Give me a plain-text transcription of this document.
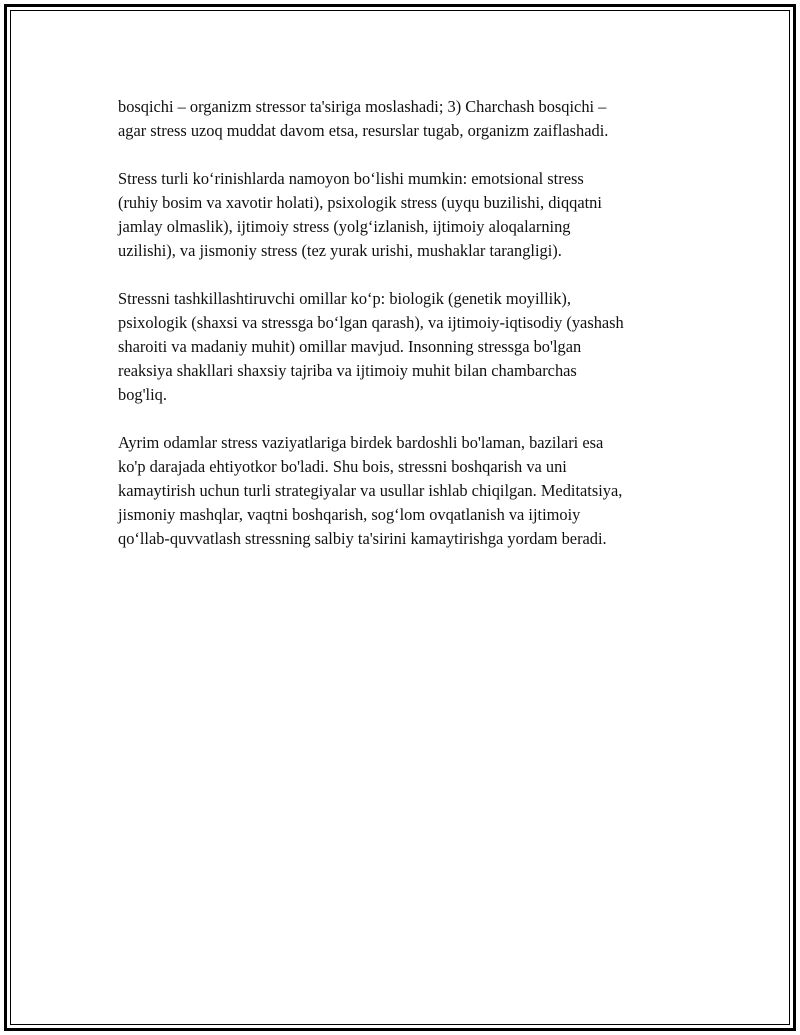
bosqichi – organizm stressor ta'siriga moslashadi; 3) Charchash bosqichi –
agar stress uzoq muddat davom etsa, resurslar tugab, organizm zaiflashadi.

Stress turli koʻrinishlarda namoyon boʻlishi mumkin: emotsional stress
(ruhiy bosim va xavotir holati), psixologik stress (uyqu buzilishi, diqqatni
jamlay olmaslik), ijtimoiy stress (yolgʻizlanish, ijtimoiy aloqalarning
uzilishi), va jismoniy stress (tez yurak urishi, mushaklar tarangligi).

Stressni tashkillashtiruvchi omillar koʻp: biologik (genetik moyillik),
psixologik (shaxsi va stressga boʻlgan qarash), va ijtimoiy-iqtisodiy (yashash
sharoiti va madaniy muhit) omillar mavjud. Insonning stressga bo'lgan
reaksiya shakllari shaxsiy tajriba va ijtimoiy muhit bilan chambarchas
bog'liq.

Ayrim odamlar stress vaziyatlariga birdek bardoshli bo'laman, bazilari esa
ko'p darajada ehtiyotkor bo'ladi. Shu bois, stressni boshqarish va uni
kamaytirish uchun turli strategiyalar va usullar ishlab chiqilgan. Meditatsiya,
jismoniy mashqlar, vaqtni boshqarish, sogʻlom ovqatlanish va ijtimoiy
qoʻllab-quvvatlash stressning salbiy ta'sirini kamaytirishga yordam beradi.
